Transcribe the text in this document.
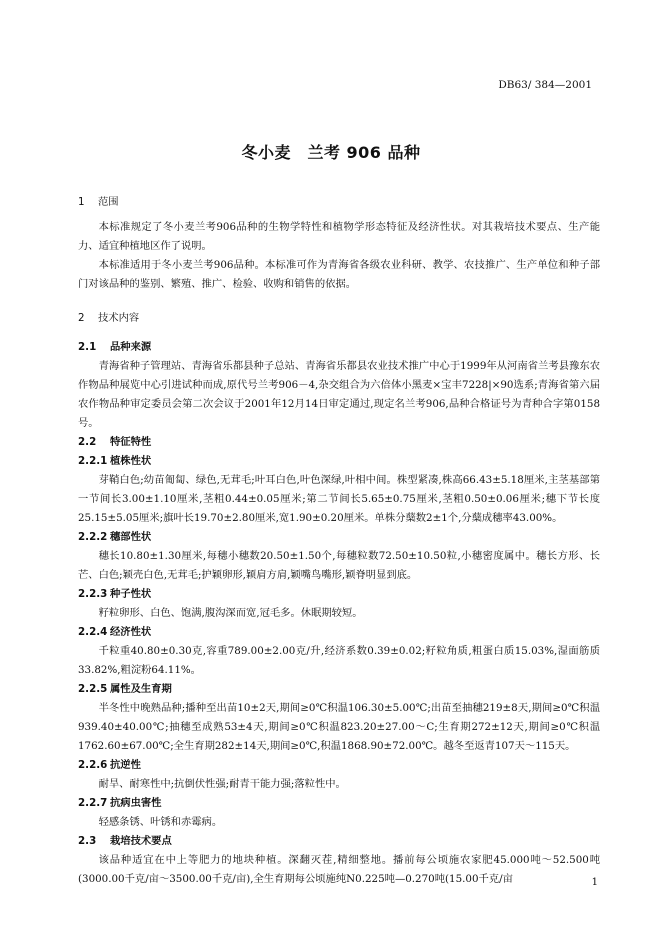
DB63/ 384—2001
冬小麦　兰考 906 品种
1 范围

本标准规定了冬小麦兰考906品种的生物学特性和植物学形态特征及经济性状。对其栽培技术要点、生产能力、适宜种植地区作了说明。

本标准适用于冬小麦兰考906品种。本标准可作为青海省各级农业科研、教学、农技推广、生产单位和种子部门对该品种的鉴别、繁殖、推广、检验、收购和销售的依据。

2 技术内容
2.1 品种来源

青海省种子管理站、青海省乐都县种子总站、青海省乐都县农业技术推广中心于1999年从河南省兰考县豫东农作物品种展览中心引进试种而成,原代号兰考906－4,杂交组合为六倍体小黑麦×宝丰7228|×90选系;青海省第六届农作物品种审定委员会第二次会议于2001年12月14日审定通过,现定名兰考906,品种合格证号为青种合字第0158号。

2.2 特征特性
2.2.1 植株性状

芽鞘白色;幼苗匍匐、绿色,无茸毛;叶耳白色,叶色深绿,叶相中间。株型紧凑,株高66.43±5.18厘米,主茎基部第一节间长3.00±1.10厘米,茎粗0.44±0.05厘米;第二节间长5.65±0.75厘米,茎粗0.50±0.06厘米;穗下节长度25.15±5.05厘米;旗叶长19.70±2.80厘米,宽1.90±0.20厘米。单株分蘖数2±1个,分蘖成穗率43.00%。

2.2.2 穗部性状

穗长10.80±1.30厘米,每穗小穗数20.50±1.50个,每穗粒数72.50±10.50粒,小穗密度属中。穗长方形、长芒、白色;颖壳白色,无茸毛;护颖卵形,颖肩方肩,颖嘴鸟嘴形,颖脊明显到底。

2.2.3 种子性状

籽粒卵形、白色、饱满,腹沟深而宽,冠毛多。休眠期较短。

2.2.4 经济性状

千粒重40.80±0.30克,容重789.00±2.00克/升,经济系数0.39±0.02;籽粒角质,粗蛋白质15.03%,湿面筋质33.82%,粗淀粉64.11%。

2.2.5 属性及生育期

半冬性中晚熟品种;播种至出苗10±2天,期间≥0℃积温106.30±5.00℃;出苗至抽穗219±8天,期间≥0℃积温939.40±40.00℃;抽穗至成熟53±4天,期间≥0℃积温823.20±27.00～C;生育期272±12天,期间≥0℃积温1762.60±67.00℃;全生育期282±14天,期间≥0℃,积温1868.90±72.00℃。越冬至返青107天～115天。

2.2.6 抗逆性

耐旱、耐寒性中;抗倒伏性强;耐青干能力强;落粒性中。

2.2.7 抗病虫害性

轻感条锈、叶锈和赤霉病。

2.3 栽培技术要点

该品种适宜在中上等肥力的地块种植。深翻灭茬,精细整地。播前每公顷施农家肥45.000吨～52.500吨(3000.00千克/亩～3500.00千克/亩),全生育期每公顷施纯N0.225吨—0.270吨(15.00千克/亩	1
